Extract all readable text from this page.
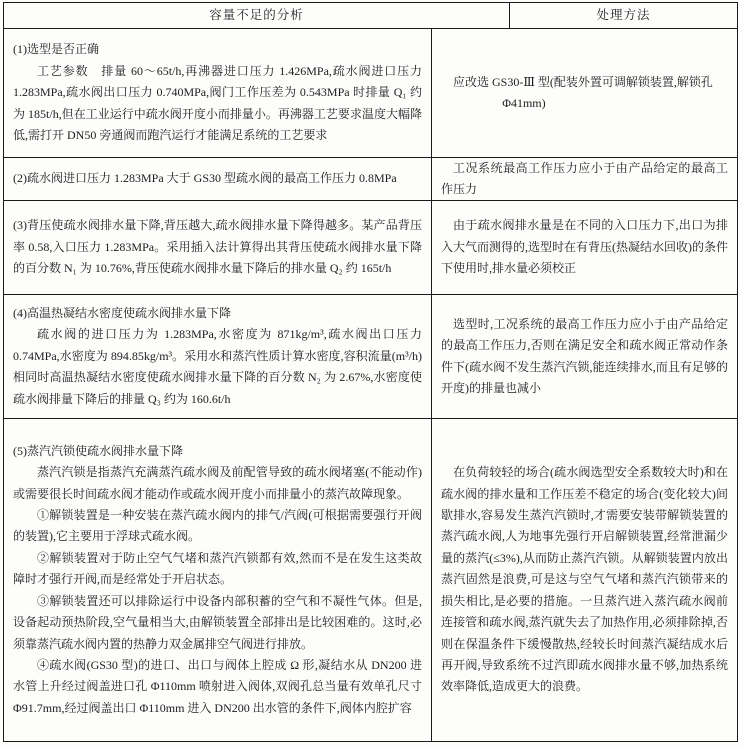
容量不足的分析	处理方法

(1)选型是否正确

工艺参数　排量 60～65t/h,再沸器进口压力 1.426MPa,疏水阀进口压力 1.283MPa,疏水阀出口压力 0.740MPa,阀门工作压差为 0.543MPa 时排量 Q₁ 约为 185t/h,但在工业运行中疏水阀开度小而排量小。再沸器工艺要求温度大幅降低,需打开 DN50 旁通阀而跑汽运行才能满足系统的工艺要求

应改选 GS30-Ⅲ 型(配装外置可调解锁装置,解锁孔 Φ41mm)

(2)疏水阀进口压力 1.283MPa 大于 GS30 型疏水阀的最高工作压力 0.8MPa

工况系统最高工作压力应小于由产品给定的最高工作压力

(3)背压使疏水阀排水量下降,背压越大,疏水阀排水量下降得越多。某产品背压率 0.58,入口压力 1.283MPa。采用插入法计算得出其背压使疏水阀排水量下降的百分数 N₁ 为 10.76%,背压使疏水阀排水量下降后的排水量 Q₂ 约 165t/h

由于疏水阀排水量是在不同的入口压力下,出口为排入大气而测得的,选型时在有背压(热凝结水回收)的条件下使用时,排水量必须校正

(4)高温热凝结水密度使疏水阀排水量下降

疏水阀的进口压力为 1.283MPa,水密度为 871kg/m³,疏水阀出口压力 0.74MPa,水密度为 894.85kg/m³。采用水和蒸汽性质计算水密度,容积流量(m³/h)相同时高温热凝结水密度使疏水阀排水量下降的百分数 N₂ 为 2.67%,水密度使疏水阀排量下降后的排量 Q₃ 约为 160.6t/h

选型时,工况系统的最高工作压力应小于由产品给定的最高工作压力,否则在满足安全和疏水阀正常动作条件下(疏水阀不发生蒸汽汽锁,能连续排水,而且有足够的开度)的排量也减小

(5)蒸汽汽锁使疏水阀排水量下降

蒸汽汽锁是指蒸汽充满蒸汽疏水阀及前配管导致的疏水阀堵塞(不能动作)或需要很长时间疏水阀才能动作或疏水阀开度小而排量小的蒸汽故障现象。

①解锁装置是一种安装在蒸汽疏水阀内的排气/汽阀(可根据需要强行开阀的装置),它主要用于浮球式疏水阀。

②解锁装置对于防止空气气堵和蒸汽汽锁都有效,然而不是在发生这类故障时才强行开阀,而是经常处于开启状态。

③解锁装置还可以排除运行中设备内部积蓄的空气和不凝性气体。但是,设备起动预热阶段,空气量相当大,由解锁装置全部排出是比较困难的。这时,必须靠蒸汽疏水阀内置的热静力双金属排空气阀进行排放。

④疏水阀(GS30 型)的进口、出口与阀体上腔成 Ω 形,凝结水从 DN200 进水管上升经过阀盖进口孔 Φ110mm 喷射进入阀体,双阀孔总当量有效单孔尺寸 Φ91.7mm,经过阀盖出口 Φ110mm 进入 DN200 出水管的条件下,阀体内腔扩容

在负荷较轻的场合(疏水阀选型安全系数较大时)和在疏水阀的排水量和工作压差不稳定的场合(变化较大)间歇排水,容易发生蒸汽汽锁时,才需要安装带解锁装置的蒸汽疏水阀,人为地事先强行开启解锁装置,经常泄漏少量的蒸汽(≤3%),从而防止蒸汽汽锁。从解锁装置内放出蒸汽固然是浪费,可是这与空气气堵和蒸汽汽锁带来的损失相比,是必要的措施。一旦蒸汽进入蒸汽疏水阀前连接管和疏水阀,蒸汽就失去了加热作用,必须排除掉,否则在保温条件下缓慢散热,经较长时间蒸汽凝结成水后再开阀,导致系统不过汽即疏水阀排水量不够,加热系统效率降低,造成更大的浪费。
